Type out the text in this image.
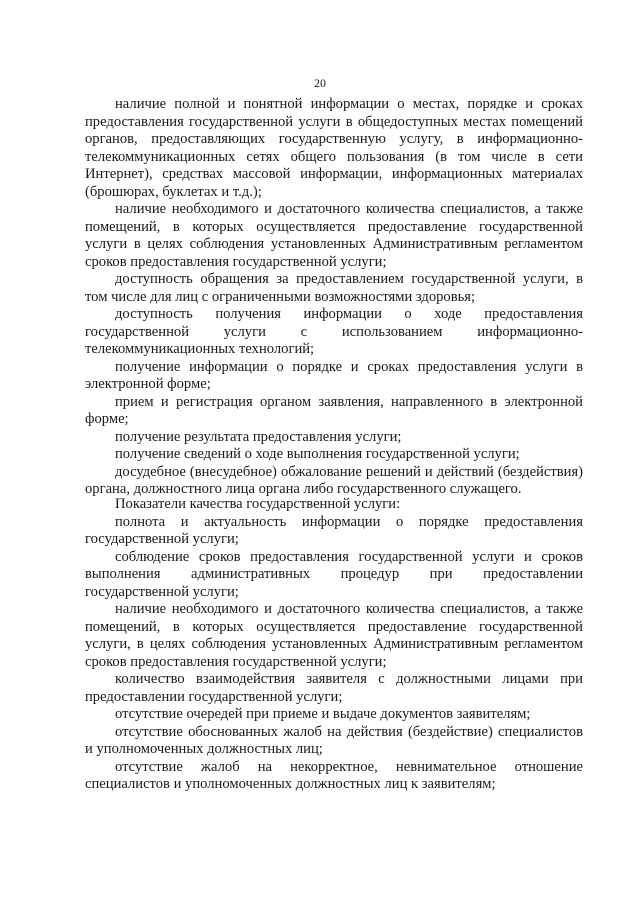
20

наличие полной и понятной информации о местах, порядке и сроках предоставления государственной услуги в общедоступных местах помещений органов, предоставляющих государственную услугу, в информационно-телекоммуникационных сетях общего пользования (в том числе в сети Интернет), средствах массовой информации, информационных материалах (брошюрах, буклетах и т.д.);

наличие необходимого и достаточного количества специалистов, а также помещений, в которых осуществляется предоставление государственной услуги в целях соблюдения установленных Административным регламентом сроков предоставления государственной услуги;

доступность обращения за предоставлением государственной услуги, в том числе для лиц с ограниченными возможностями здоровья;

доступность получения информации о ходе предоставления государственной услуги с использованием информационно-телекоммуникационных технологий;

получение информации о порядке и сроках предоставления услуги в электронной форме;

прием и регистрация органом заявления, направленного в электронной форме;

получение результата предоставления услуги;

получение сведений о ходе выполнения государственной услуги;

досудебное (внесудебное) обжалование решений и действий (бездействия) органа, должностного лица органа либо государственного служащего.

Показатели качества государственной услуги:

полнота и актуальность информации о порядке предоставления государственной услуги;

соблюдение сроков предоставления государственной услуги и сроков выполнения административных процедур при предоставлении государственной услуги;

наличие необходимого и достаточного количества специалистов, а также помещений, в которых осуществляется предоставление государственной услуги, в целях соблюдения установленных Административным регламентом сроков предоставления государственной услуги;

количество взаимодействия заявителя с должностными лицами при предоставлении государственной услуги;

отсутствие очередей при приеме и выдаче документов заявителям;

отсутствие обоснованных жалоб на действия (бездействие) специалистов и уполномоченных должностных лиц;

отсутствие жалоб на некорректное, невнимательное отношение специалистов и уполномоченных должностных лиц к заявителям;
